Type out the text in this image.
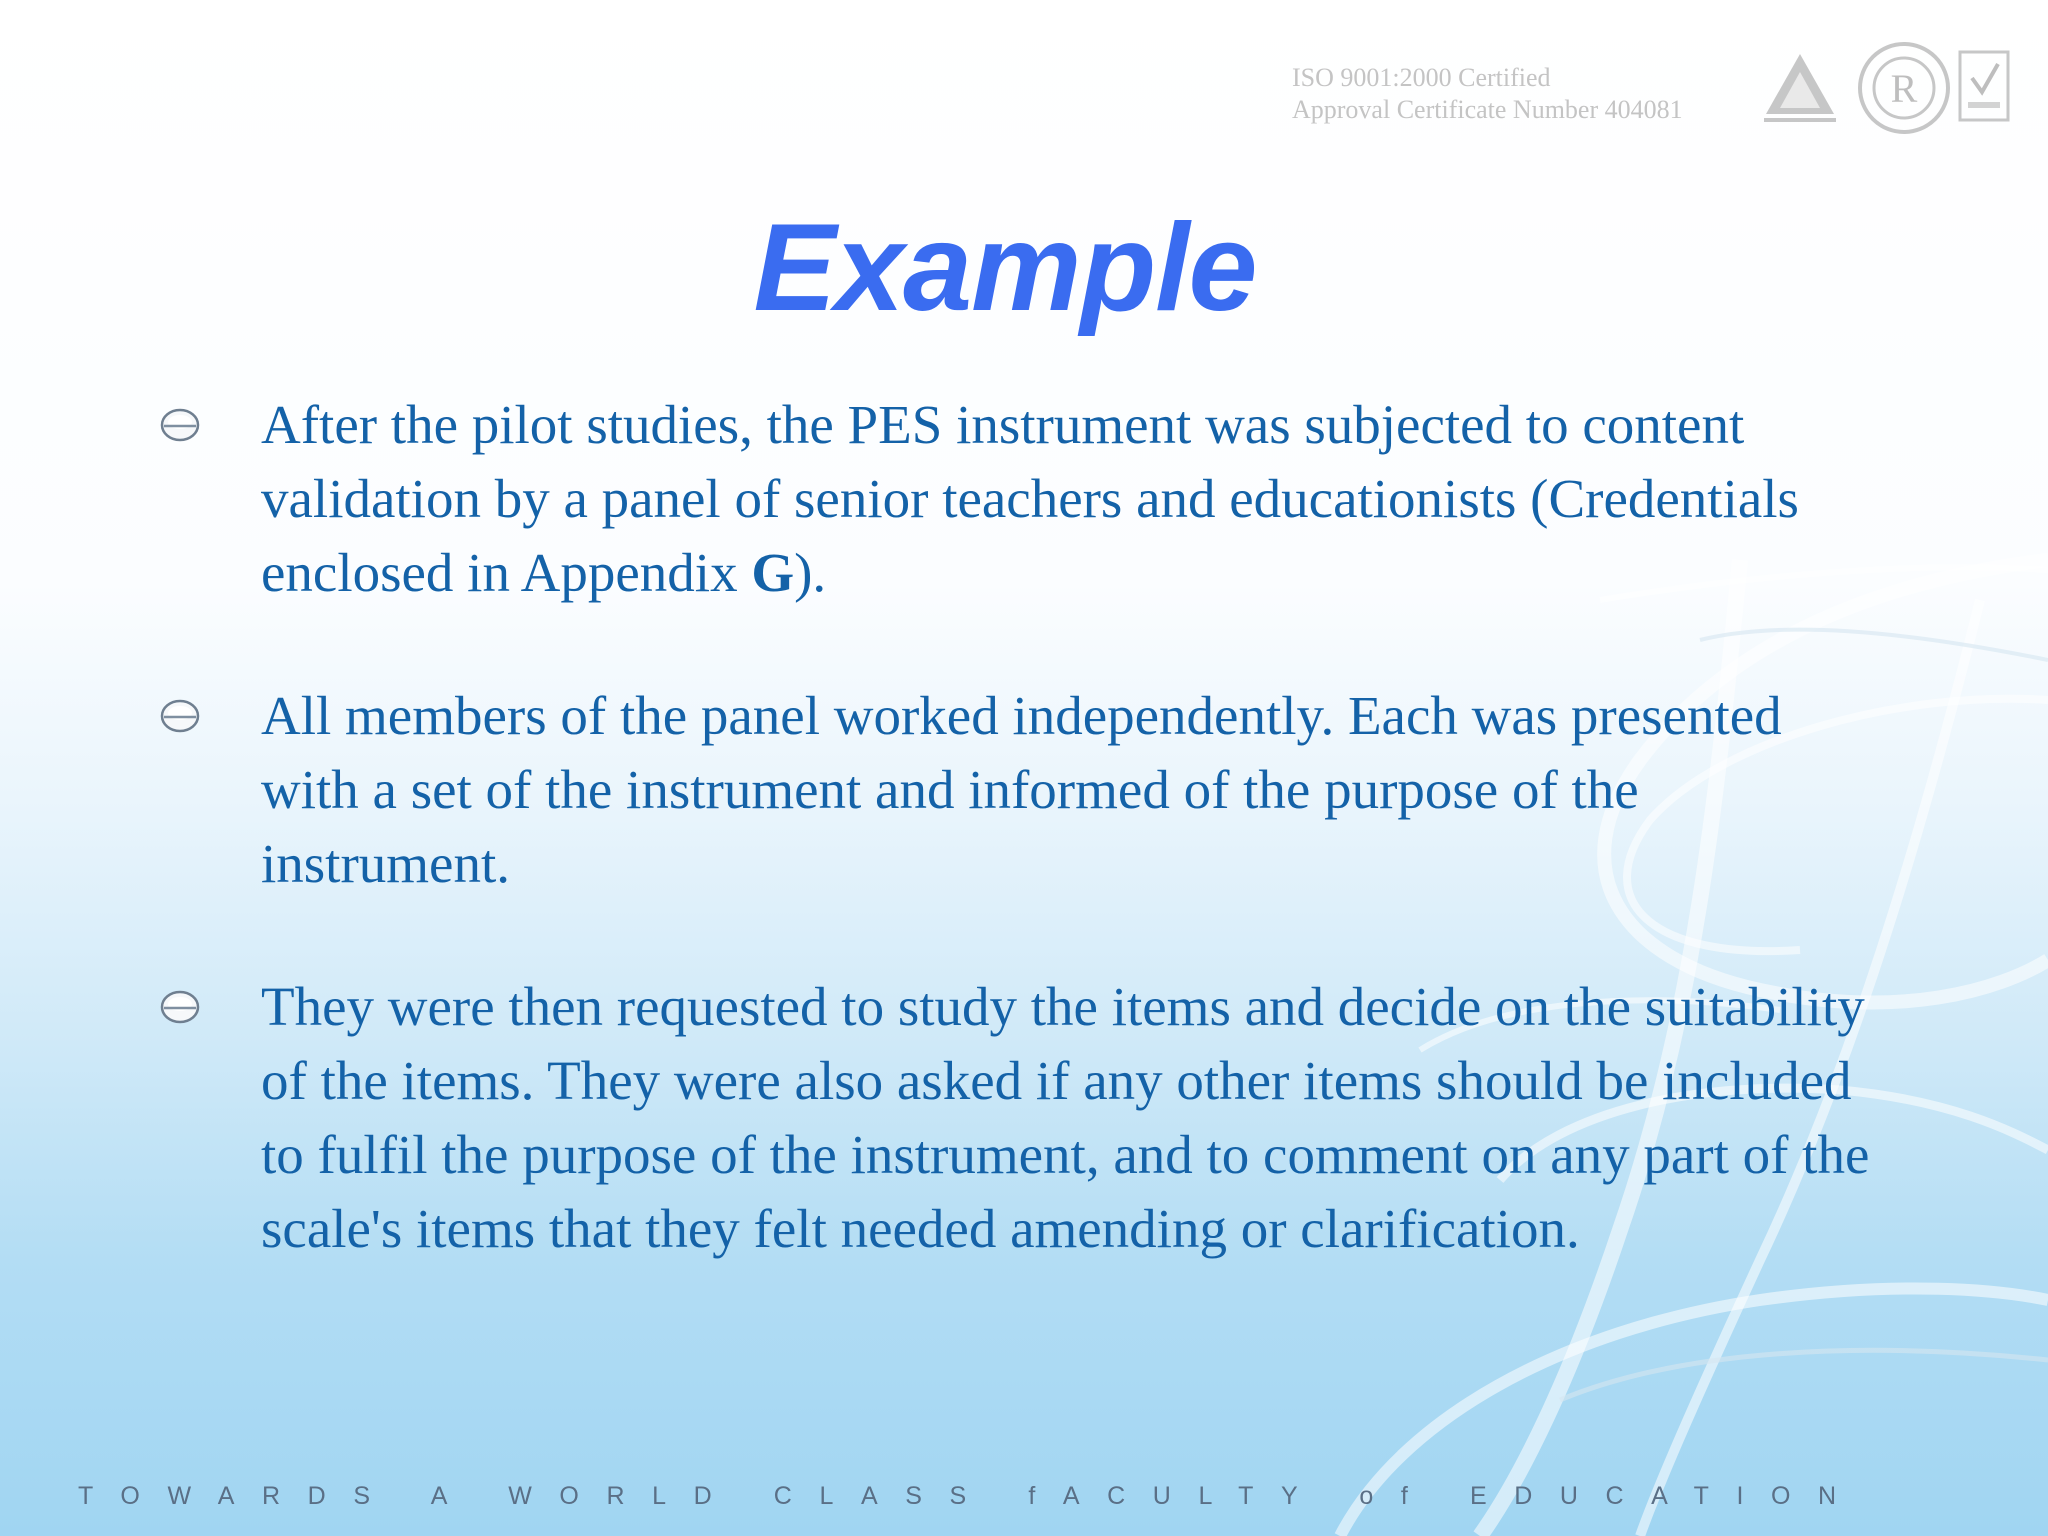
ISO 9001:2000 Certified
Approval Certificate Number 404081	R
Example
After the pilot studies, the PES instrument was subjected to content validation by a panel of senior teachers and educationists (Credentials enclosed in Appendix G).
All members of the panel worked independently. Each was presented with a set of the instrument and informed of the purpose of the instrument.
They were then requested to study the items and decide on the suitability of the items. They were also asked if any other items should be included to fulfil the purpose of the instrument, and to comment on any part of the scale's items that they felt needed amending or clarification.
TOWARDS A WORLD CLASS fACULTY of EDUCATION
